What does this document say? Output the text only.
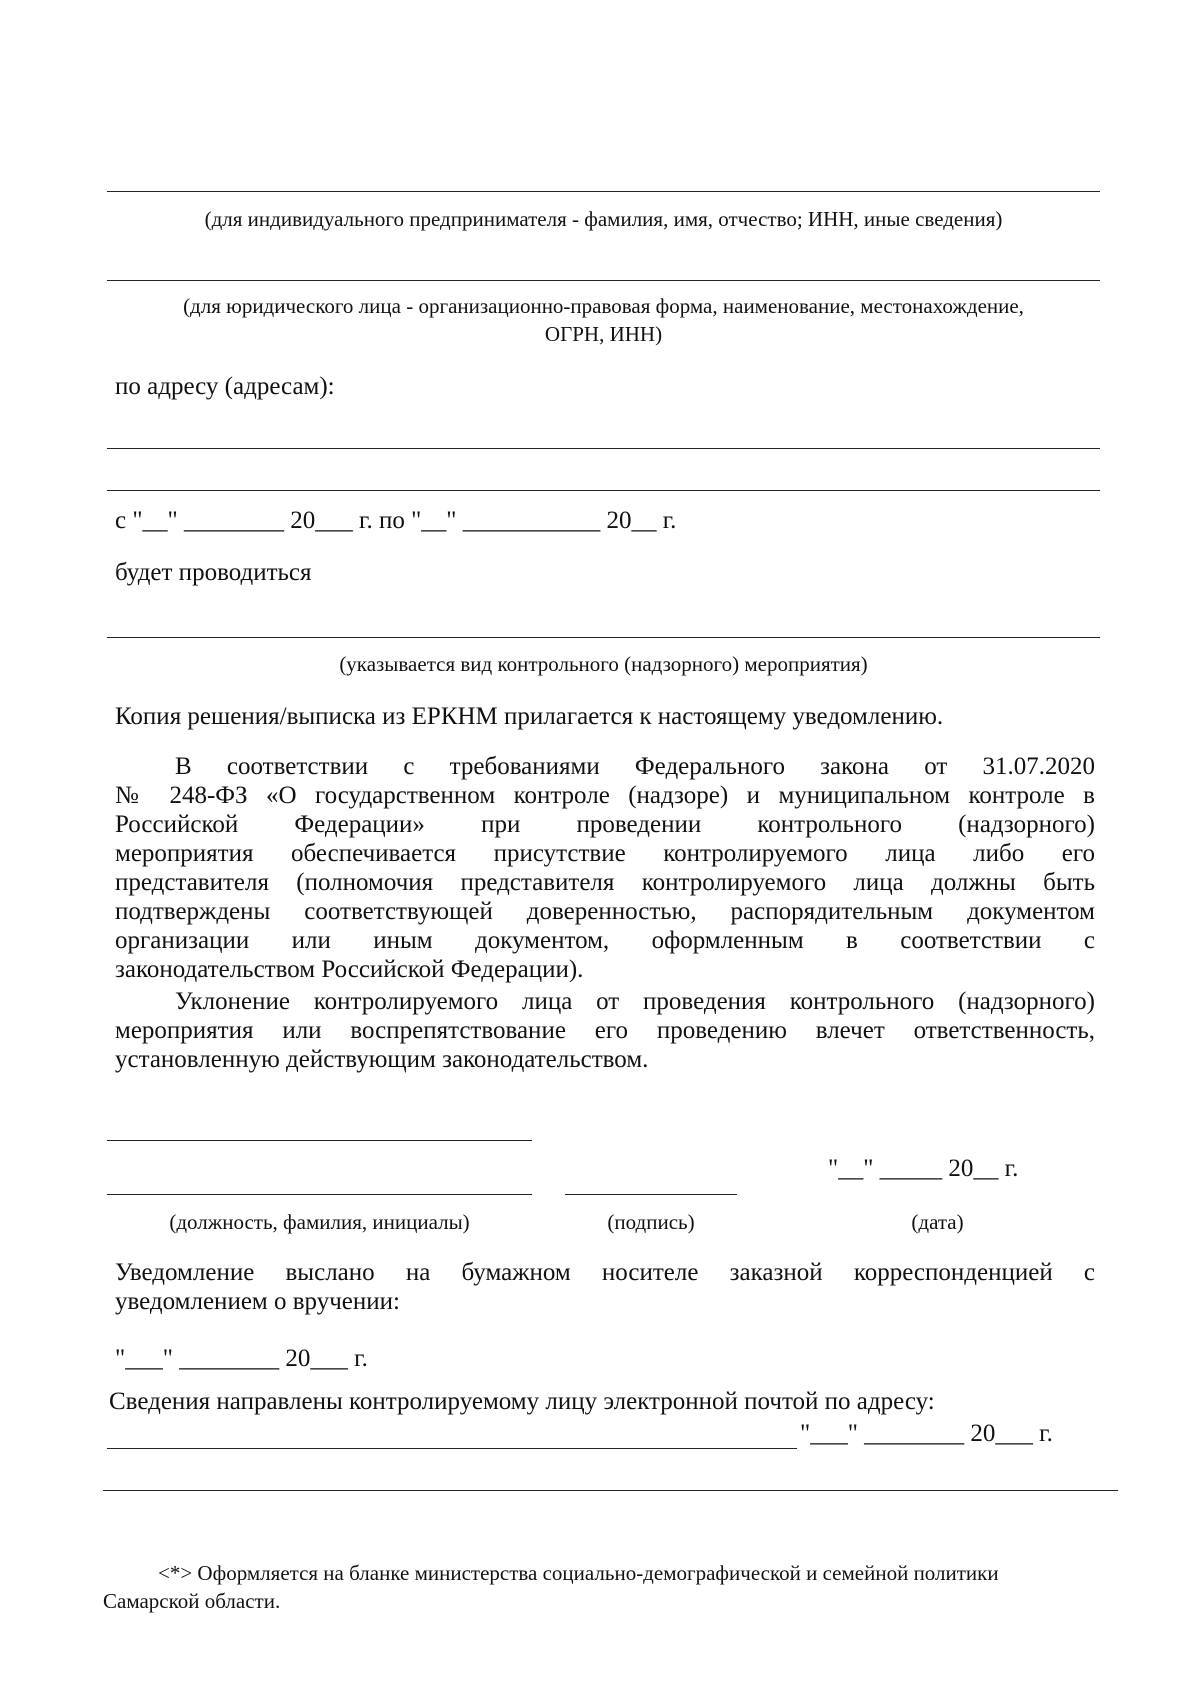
(для индивидуального предпринимателя - фамилия, имя, отчество; ИНН, иные сведения)
(для юридического лица - организационно-правовая форма, наименование, местонахождение,
ОГРН, ИНН)
по адресу (адресам):
с "__" ________ 20___ г. по "__" ___________ 20__ г.
будет проводиться
(указывается вид контрольного (надзорного) мероприятия)
Копия решения/выписка из ЕРКНМ прилагается к настоящему уведомлению.
В соответствии с требованиями Федерального закона от 31.07.2020
№ 248-ФЗ «О государственном контроле (надзоре) и муниципальном контроле в
Российской Федерации» при проведении контрольного (надзорного)
мероприятия обеспечивается присутствие контролируемого лица либо его
представителя (полномочия представителя контролируемого лица должны быть
подтверждены соответствующей доверенностью, распорядительным документом
организации или иным документом, оформленным в соответствии с
законодательством Российской Федерации).
Уклонение контролируемого лица от проведения контрольного (надзорного)
мероприятия или воспрепятствование его проведению влечет ответственность,
установленную действующим законодательством.
"__" _____ 20__ г.
(должность, фамилия, инициалы)	(подпись)	(дата)
Уведомление выслано на бумажном носителе заказной корреспонденцией с
уведомлением о вручении:
"___" ________ 20___ г.
Сведения направлены контролируемому лицу электронной почтой по адресу:
"___" ________ 20___ г.
<*> Оформляется на бланке министерства социально-демографической и семейной политики
Самарской области.
